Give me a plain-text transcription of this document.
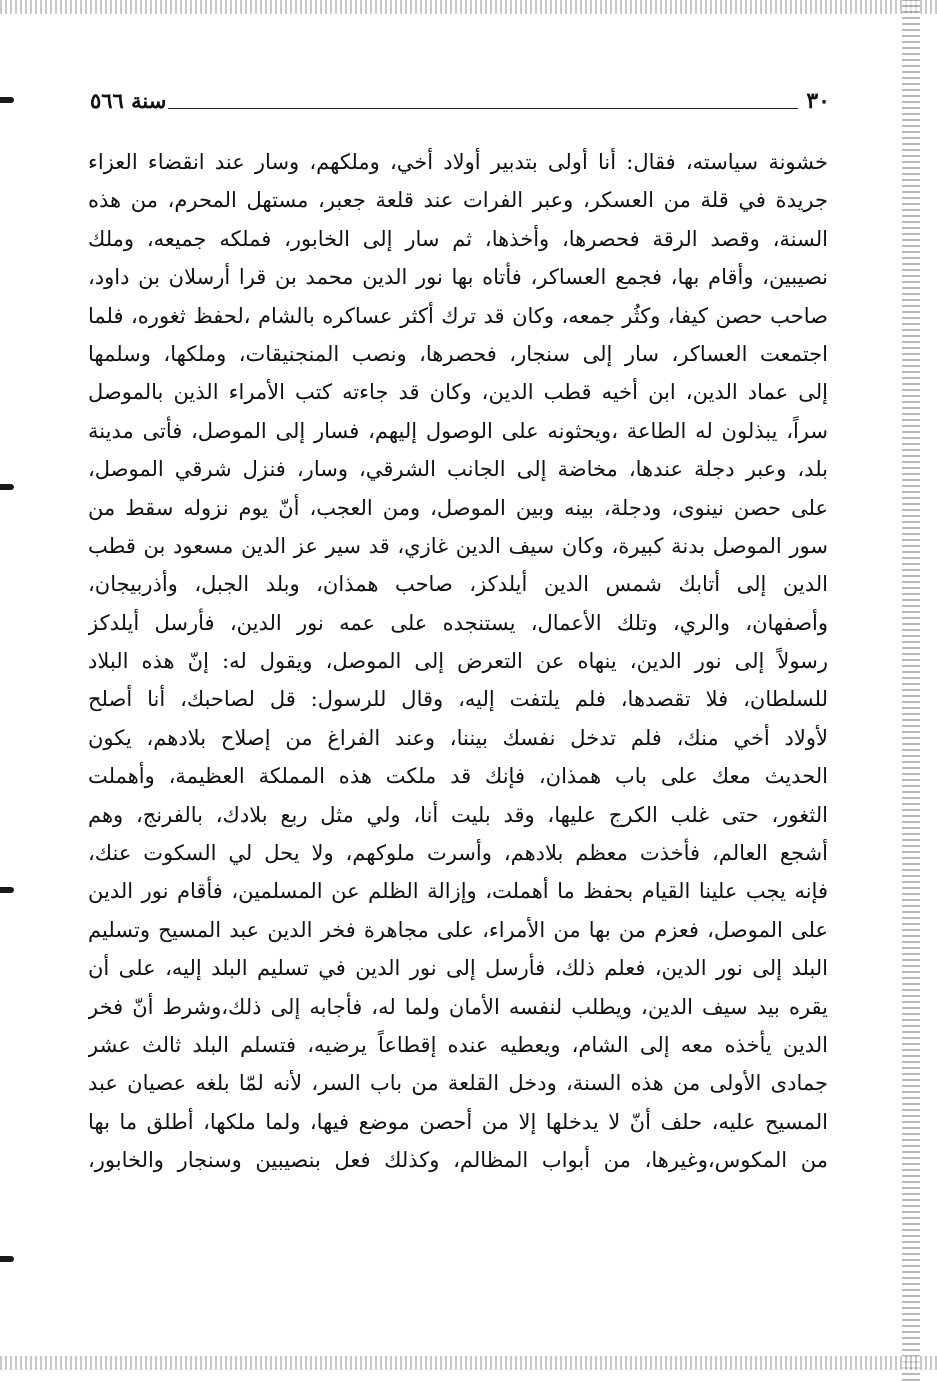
سنة ٥٦٦	٣٠
خشونة سياسته، فقال: أنا أولى بتدبير أولاد أخي، وملكهم، وسار عند انقضاء العزاء
جريدة في قلة من العسكر، وعبر الفرات عند قلعة جعبر، مستهل المحرم، من هذه
السنة، وقصد الرقة فحصرها، وأخذها، ثم سار إلى الخابور، فملكه جميعه، وملك
نصيبين، وأقام بها، فجمع العساكر، فأتاه بها نور الدين محمد بن قرا أرسلان بن داود،
صاحب حصن كيفا، وكثُر جمعه، وكان قد ترك أكثر عساكره بالشام ،لحفظ ثغوره، فلما
اجتمعت العساكر، سار إلى سنجار، فحصرها، ونصب المنجنيقات، وملكها، وسلمها
إلى عماد الدين، ابن أخيه قطب الدين، وكان قد جاءته كتب الأمراء الذين بالموصل
سراً، يبذلون له الطاعة ،ويحثونه على الوصول إليهم، فسار إلى الموصل، فأتى مدينة
بلد، وعبر دجلة عندها، مخاضة إلى الجانب الشرقي، وسار، فنزل شرقي الموصل،
على حصن نينوى، ودجلة، بينه وبين الموصل، ومن العجب، أنّ يوم نزوله سقط من
سور الموصل بدنة كبيرة، وكان سيف الدين غازي، قد سير عز الدين مسعود بن قطب
الدين إلى أتابك شمس الدين أيلدكز، صاحب همذان، وبلد الجبل، وأذربيجان،
وأصفهان، والري، وتلك الأعمال، يستنجده على عمه نور الدين، فأرسل أيلدكز
رسولاً إلى نور الدين، ينهاه عن التعرض إلى الموصل، ويقول له: إنّ هذه البلاد
للسلطان، فلا تقصدها، فلم يلتفت إليه، وقال للرسول: قل لصاحبك، أنا أصلح
لأولاد أخي منك، فلم تدخل نفسك بيننا، وعند الفراغ من إصلاح بلادهم، يكون
الحديث معك على باب همذان، فإنك قد ملكت هذه المملكة العظيمة، وأهملت
الثغور، حتى غلب الكرج عليها، وقد بليت أنا، ولي مثل ربع بلادك، بالفرنج، وهم
أشجع العالم، فأخذت معظم بلادهم، وأسرت ملوكهم، ولا يحل لي السكوت عنك،
فإنه يجب علينا القيام بحفظ ما أهملت، وإزالة الظلم عن المسلمين، فأقام نور الدين
على الموصل، فعزم من بها من الأمراء، على مجاهرة فخر الدين عبد المسيح وتسليم
البلد إلى نور الدين، فعلم ذلك، فأرسل إلى نور الدين في تسليم البلد إليه، على أن
يقره بيد سيف الدين، ويطلب لنفسه الأمان ولما له، فأجابه إلى ذلك،وشرط أنّ فخر
الدين يأخذه معه إلى الشام، ويعطيه عنده إقطاعاً يرضيه، فتسلم البلد ثالث عشر
جمادى الأولى من هذه السنة، ودخل القلعة من باب السر، لأنه لمّا بلغه عصيان عبد
المسيح عليه، حلف أنّ لا يدخلها إلا من أحصن موضع فيها، ولما ملكها، أطلق ما بها
من المكوس،وغيرها، من أبواب المظالم، وكذلك فعل بنصيبين وسنجار والخابور،
